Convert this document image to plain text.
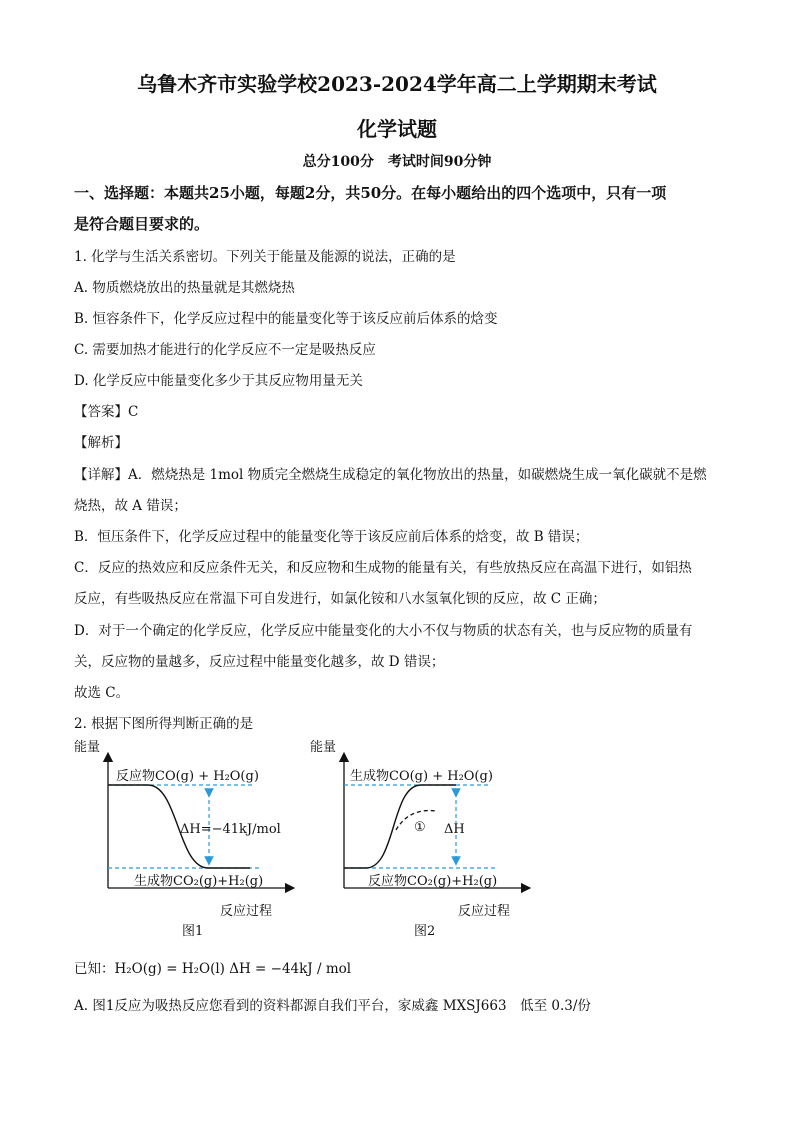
乌鲁木齐市实验学校2023-2024学年高二上学期期末考试
化学试题
总分100分　考试时间90分钟
一、选择题：本题共25小题，每题2分，共50分。在每小题给出的四个选项中，只有一项
是符合题目要求的。
1. 化学与生活关系密切。下列关于能量及能源的说法，正确的是
A. 物质燃烧放出的热量就是其燃烧热
B. 恒容条件下，化学反应过程中的能量变化等于该反应前后体系的焓变
C. 需要加热才能进行的化学反应不一定是吸热反应
D. 化学反应中能量变化多少于其反应物用量无关
【答案】C
【解析】
【详解】A．燃烧热是 1mol 物质完全燃烧生成稳定的氧化物放出的热量，如碳燃烧生成一氧化碳就不是燃
烧热，故 A 错误；
B．恒压条件下，化学反应过程中的能量变化等于该反应前后体系的焓变，故 B 错误；
C．反应的热效应和反应条件无关，和反应物和生成物的能量有关，有些放热反应在高温下进行，如铝热
反应，有些吸热反应在常温下可自发进行，如氯化铵和八水氢氧化钡的反应，故 C 正确；
D．对于一个确定的化学反应，化学反应中能量变化的大小不仅与物质的状态有关，也与反应物的质量有
关，反应物的量越多，反应过程中能量变化越多，故 D 错误；
故选 C。
2. 根据下图所得判断正确的是
能量
反应物CO(g) + H₂O(g)
ΔH=−41kJ/mol
生成物CO₂(g)+H₂(g)
反应过程
图1
能量
生成物CO(g) + H₂O(g)
① ΔH
反应物CO₂(g)+H₂(g)
反应过程
图2
已知：H₂O(g) = H₂O(l) ΔH = −44kJ / mol
A. 图1反应为吸热反应您看到的资料都源自我们平台，家威鑫 MXSJ663　低至 0.3/份
